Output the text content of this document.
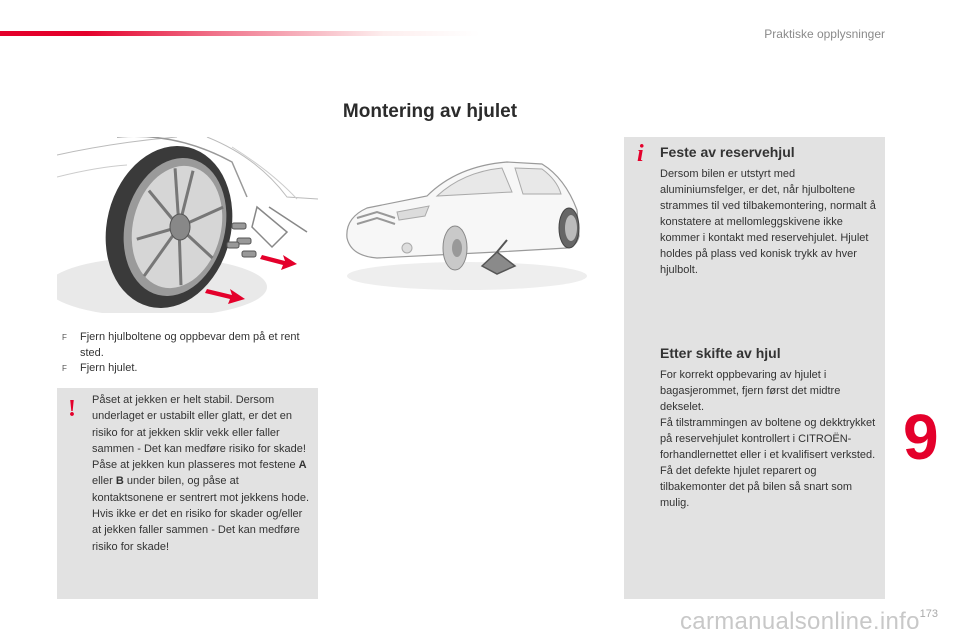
Praktiske opplysninger
Montering av hjulet
F Fjern hjulboltene og oppbevar dem på et rent sted.
F Fjern hjulet.
! Påset at jekken er helt stabil. Dersom underlaget er ustabilt eller glatt, er det en risiko for at jekken sklir vekk eller faller sammen - Det kan medføre risiko for skade!
Påse at jekken kun plasseres mot festene A eller B under bilen, og påse at kontaktsonene er sentrert mot jekkens hode. Hvis ikke er det en risiko for skader og/eller at jekken faller sammen - Det kan medføre risiko for skade!
i Feste av reservehjul
Dersom bilen er utstyrt med aluminiumsfelger, er det, når hjulboltene strammes til ved tilbakemontering, normalt å konstatere at mellomleggskivene ikke kommer i kontakt med reservehjulet. Hjulet holdes på plass ved konisk trykk av hver hjulbolt.
Etter skifte av hjul
For korrekt oppbevaring av hjulet i bagasjerommet, fjern først det midtre dekselet.
Få tilstrammingen av boltene og dekktrykket på reservehjulet kontrollert i CITROËN-forhandlernettet eller i et kvalifisert verksted.
Få det defekte hjulet reparert og tilbakemonter det på bilen så snart som mulig.
9
carmanualsonline.info 173
